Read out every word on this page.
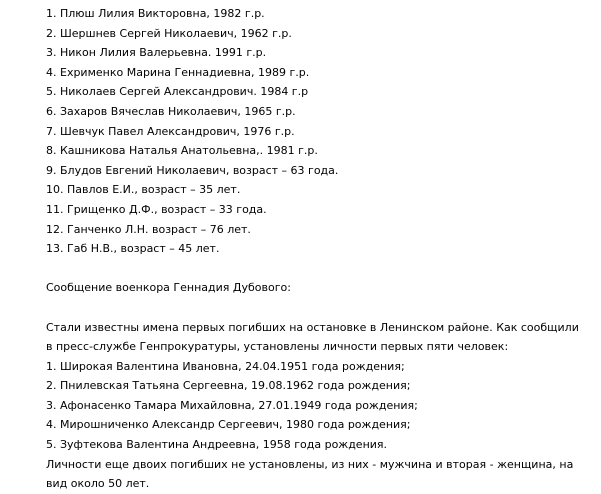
1. Плюш Лилия Викторовна, 1982 г.р.
2. Шершнев Сергей Николаевич, 1962 г.р.
3. Никон Лилия Валерьевна. 1991 г.р.
4. Ехрименко Марина Геннадиевна, 1989 г.р.
5. Николаев Сергей Александрович. 1984 г.р
6. Захаров Вячеслав Николаевич, 1965 г.р.
7. Шевчук Павел Александрович, 1976 г.р.
8. Кашникова Наталья Анатольевна,. 1981 г.р.
9. Блудов Евгений Николаевич, возраст – 63 года.
10. Павлов Е.И., возраст – 35 лет.
11. Грищенко Д.Ф., возраст – 33 года.
12. Ганченко Л.Н. возраст – 76 лет.
13. Габ Н.В., возраст – 45 лет.
Сообщение военкора Геннадия Дубового:
Стали известны имена первых погибших на остановке в Ленинском районе. Как сообщили в пресс-службе Генпрокуратуры, установлены личности первых пяти человек:
1. Широкая Валентина Ивановна, 24.04.1951 года рождения;
2. Пнилевская Татьяна Сергеевна, 19.08.1962 года рождения;
3. Афонасенко Тамара Михайловна, 27.01.1949 года рождения;
4. Мирошниченко Александр Сергеевич, 1980 года рождения;
5. Зуфтекова Валентина Андреевна, 1958 года рождения.
Личности еще двоих погибших не установлены, из них - мужчина и вторая - женщина, на вид около 50 лет.
